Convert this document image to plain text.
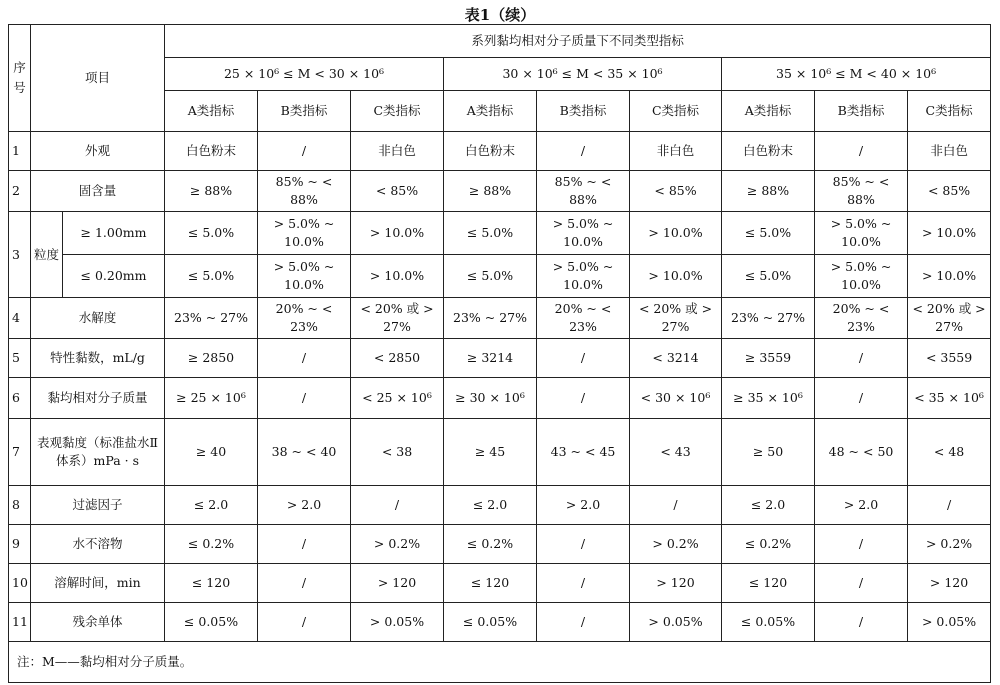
表1（续）
序号	项目		系列黏均相对分子质量下不同类型指标								
			25 × 10⁶ ≤ M < 30 × 10⁶			30 × 10⁶ ≤ M < 35 × 10⁶			35 × 10⁶ ≤ M < 40 × 10⁶		
			A类指标	B类指标	C类指标	A类指标	B类指标	C类指标	A类指标	B类指标	C类指标
1	外观		白色粉末	/	非白色	白色粉末	/	非白色	白色粉末	/	非白色
2	固含量		≥ 88%	85% ~ < 88%	< 85%	≥ 88%	85% ~ < 88%	< 85%	≥ 88%	85% ~ < 88%	< 85%
3	粒度	≥ 1.00mm	≤ 5.0%	> 5.0% ~ 10.0%	> 10.0%	≤ 5.0%	> 5.0% ~ 10.0%	> 10.0%	≤ 5.0%	> 5.0% ~ 10.0%	> 10.0%
		≤ 0.20mm	≤ 5.0%	> 5.0% ~ 10.0%	> 10.0%	≤ 5.0%	> 5.0% ~ 10.0%	> 10.0%	≤ 5.0%	> 5.0% ~ 10.0%	> 10.0%
4	水解度		23% ~ 27%	20% ~ < 23%	< 20% 或 > 27%	23% ~ 27%	20% ~ < 23%	< 20% 或 > 27%	23% ~ 27%	20% ~ < 23%	< 20% 或 > 27%
5	特性黏数，mL/g		≥ 2850	/	< 2850	≥ 3214	/	< 3214	≥ 3559	/	< 3559
6	黏均相对分子质量		≥ 25 × 10⁶	/	< 25 × 10⁶	≥ 30 × 10⁶	/	< 30 × 10⁶	≥ 35 × 10⁶	/	< 35 × 10⁶
7	表观黏度（标准盐水Ⅱ体系）mPa · s		≥ 40	38 ~ < 40	< 38	≥ 45	43 ~ < 45	< 43	≥ 50	48 ~ < 50	< 48
8	过滤因子		≤ 2.0	> 2.0	/	≤ 2.0	> 2.0	/	≤ 2.0	> 2.0	/
9	水不溶物		≤ 0.2%	/	> 0.2%	≤ 0.2%	/	> 0.2%	≤ 0.2%	/	> 0.2%
10	溶解时间，min		≤ 120	/	> 120	≤ 120	/	> 120	≤ 120	/	> 120
11	残余单体		≤ 0.05%	/	> 0.05%	≤ 0.05%	/	> 0.05%	≤ 0.05%	/	> 0.05%
注：M——黏均相对分子质量。											
